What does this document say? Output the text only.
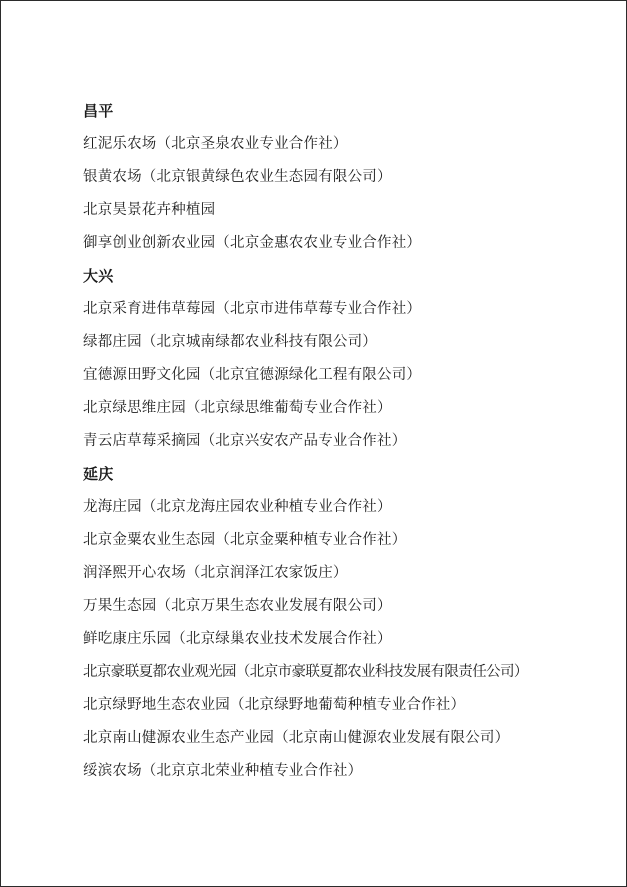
昌平
红泥乐农场（北京圣泉农业专业合作社）
银黄农场（北京银黄绿色农业生态园有限公司）
北京昊景花卉种植园
御享创业创新农业园（北京金惠农农业专业合作社）
大兴
北京采育进伟草莓园（北京市进伟草莓专业合作社）
绿都庄园（北京城南绿都农业科技有限公司）
宜德源田野文化园（北京宜德源绿化工程有限公司）
北京绿思维庄园（北京绿思维葡萄专业合作社）
青云店草莓采摘园（北京兴安农产品专业合作社）
延庆
龙海庄园（北京龙海庄园农业种植专业合作社）
北京金粟农业生态园（北京金粟种植专业合作社）
润泽熙开心农场（北京润泽江农家饭庄）
万果生态园（北京万果生态农业发展有限公司）
鲜吃康庄乐园（北京绿巢农业技术发展合作社）
北京豪联夏都农业观光园（北京市豪联夏都农业科技发展有限责任公司）
北京绿野地生态农业园（北京绿野地葡萄种植专业合作社）
北京南山健源农业生态产业园（北京南山健源农业发展有限公司）
绥滨农场（北京京北荣业种植专业合作社）
